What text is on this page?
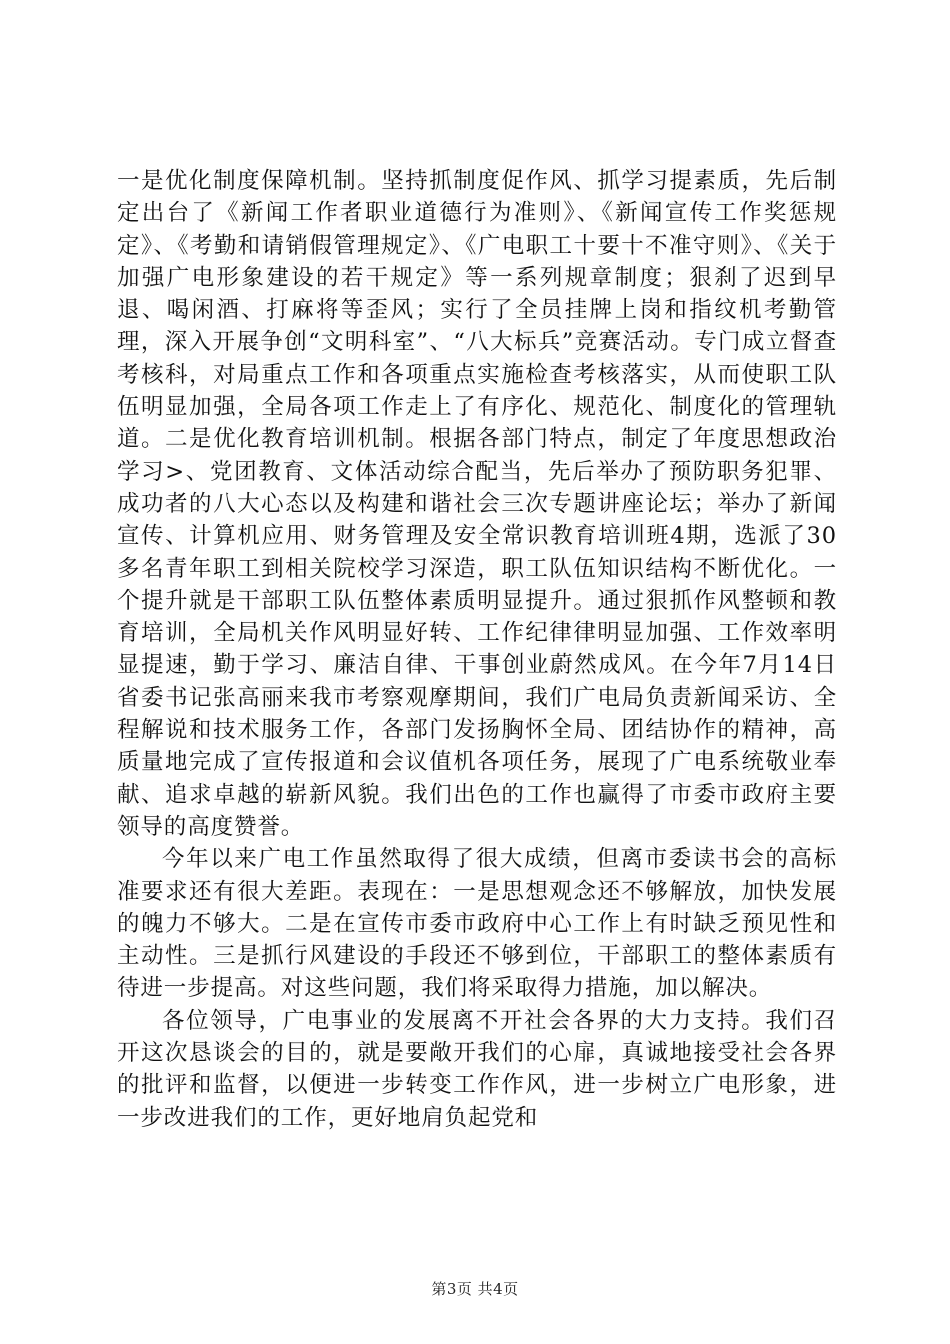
一是优化制度保障机制。坚持抓制度促作风、抓学习提素质，先后制定出台了《新闻工作者职业道德行为准则》、《新闻宣传工作奖惩规定》、《考勤和请销假管理规定》、《广电职工十要十不准守则》、《关于加强广电形象建设的若干规定》等一系列规章制度；狠刹了迟到早退、喝闲酒、打麻将等歪风；实行了全员挂牌上岗和指纹机考勤管理，深入开展争创“文明科室”、“八大标兵”竞赛活动。专门成立督查考核科，对局重点工作和各项重点实施检查考核落实，从而使职工队伍明显加强，全局各项工作走上了有序化、规范化、制度化的管理轨道。二是优化教育培训机制。根据各部门特点，制定了年度思想政治学习>、党团教育、文体活动综合配当，先后举办了预防职务犯罪、成功者的八大心态以及构建和谐社会三次专题讲座论坛；举办了新闻宣传、计算机应用、财务管理及安全常识教育培训班4期，选派了30多名青年职工到相关院校学习深造，职工队伍知识结构不断优化。一个提升就是干部职工队伍整体素质明显提升。通过狠抓作风整顿和教育培训，全局机关作风明显好转、工作纪律律明显加强、工作效率明显提速，勤于学习、廉洁自律、干事创业蔚然成风。在今年7月14日省委书记张高丽来我市考察观摩期间，我们广电局负责新闻采访、全程解说和技术服务工作，各部门发扬胸怀全局、团结协作的精神，高质量地完成了宣传报道和会议值机各项任务，展现了广电系统敬业奉献、追求卓越的崭新风貌。我们出色的工作也赢得了市委市政府主要领导的高度赞誉。

今年以来广电工作虽然取得了很大成绩，但离市委读书会的高标准要求还有很大差距。表现在：一是思想观念还不够解放，加快发展的魄力不够大。二是在宣传市委市政府中心工作上有时缺乏预见性和主动性。三是抓行风建设的手段还不够到位，干部职工的整体素质有待进一步提高。对这些问题，我们将采取得力措施，加以解决。

各位领导，广电事业的发展离不开社会各界的大力支持。我们召开这次恳谈会的目的，就是要敞开我们的心扉，真诚地接受社会各界的批评和监督，以便进一步转变工作作风，进一步树立广电形象，进一步改进我们的工作，更好地肩负起党和

第3页 共4页
